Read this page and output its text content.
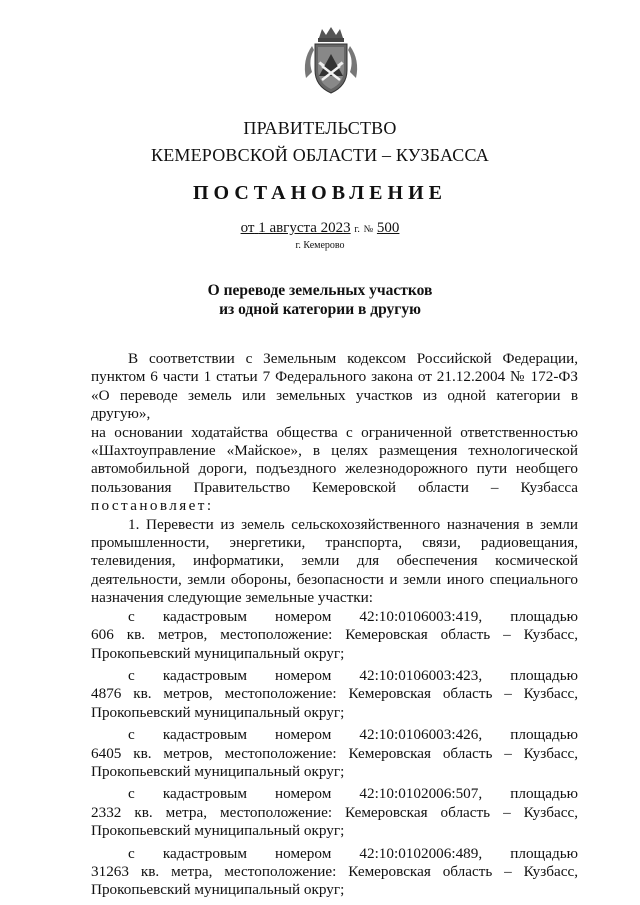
ПРАВИТЕЛЬСТВО
КЕМЕРОВСКОЙ ОБЛАСТИ – КУЗБАССА
ПОСТАНОВЛЕНИЕ
от 1 августа 2023 г. № 500
г. Кемерово
О переводе земельных участков
из одной категории в другую

В соответствии с Земельным кодексом Российской Федерации,

пунктом 6 части 1 статьи 7 Федерального закона от 21.12.2004 № 172-ФЗ

«О переводе земель или земельных участков из одной категории в другую»,

на основании ходатайства общества с ограниченной ответственностью

«Шахтоуправление «Майское», в целях размещения технологической

автомобильной дороги, подъездного железнодорожного пути необщего

пользования Правительство Кемеровской области – Кузбасса

постановляет:

1. Перевести из земель сельскохозяйственного назначения в земли

промышленности, энергетики, транспорта, связи, радиовещания,

телевидения, информатики, земли для обеспечения космической

деятельности, земли обороны, безопасности и земли иного специального

назначения следующие земельные участки:

с кадастровым номером 42:10:0106003:419, площадью

606 кв. метров, местоположение: Кемеровская область – Кузбасс,

Прокопьевский муниципальный округ;

с кадастровым номером 42:10:0106003:423, площадью

4876 кв. метров, местоположение: Кемеровская область – Кузбасс,

Прокопьевский муниципальный округ;

с кадастровым номером 42:10:0106003:426, площадью

6405 кв. метров, местоположение: Кемеровская область – Кузбасс,

Прокопьевский муниципальный округ;

с кадастровым номером 42:10:0102006:507, площадью

2332 кв. метра, местоположение: Кемеровская область – Кузбасс,

Прокопьевский муниципальный округ;

с кадастровым номером 42:10:0102006:489, площадью

31263 кв. метра, местоположение: Кемеровская область – Кузбасс,

Прокопьевский муниципальный округ;
